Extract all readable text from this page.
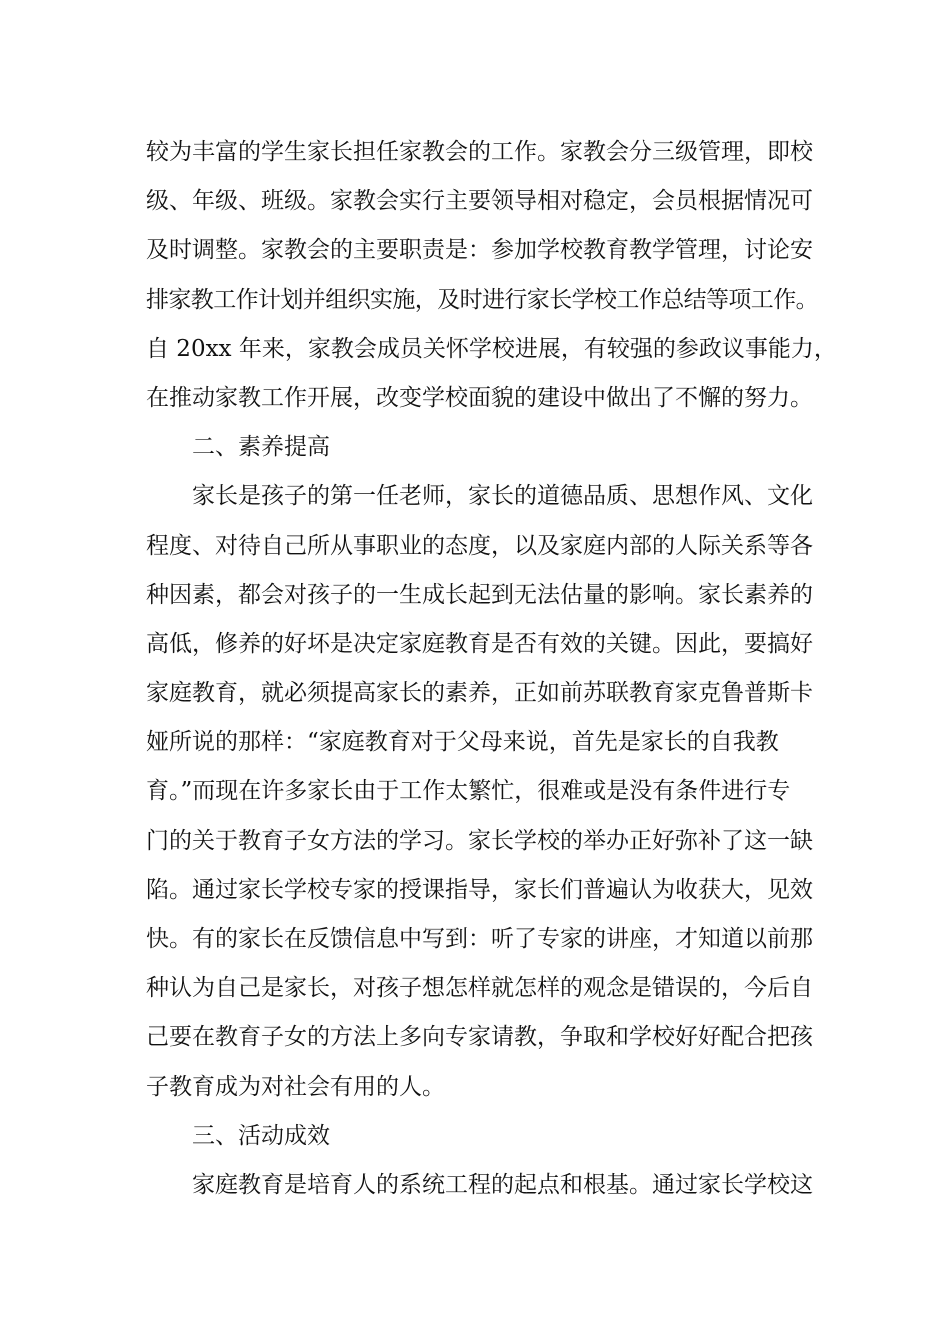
较为丰富的学生家长担任家教会的工作。家教会分三级管理，即校
级、年级、班级。家教会实行主要领导相对稳定，会员根据情况可
及时调整。家教会的主要职责是：参加学校教育教学管理，讨论安
排家教工作计划并组织实施，及时进行家长学校工作总结等项工作。
自 20xx 年来，家教会成员关怀学校进展，有较强的参政议事能力，
在推动家教工作开展，改变学校面貌的建设中做出了不懈的努力。
二、素养提高
家长是孩子的第一任老师，家长的道德品质、思想作风、文化
程度、对待自己所从事职业的态度，以及家庭内部的人际关系等各
种因素，都会对孩子的一生成长起到无法估量的影响。家长素养的
高低，修养的好坏是决定家庭教育是否有效的关键。因此，要搞好
家庭教育，就必须提高家长的素养，正如前苏联教育家克鲁普斯卡
娅所说的那样：“家庭教育对于父母来说，首先是家长的自我教
育。”而现在许多家长由于工作太繁忙，很难或是没有条件进行专
门的关于教育子女方法的学习。家长学校的举办正好弥补了这一缺
陷。通过家长学校专家的授课指导，家长们普遍认为收获大，见效
快。有的家长在反馈信息中写到：听了专家的讲座，才知道以前那
种认为自己是家长，对孩子想怎样就怎样的观念是错误的，今后自
己要在教育子女的方法上多向专家请教，争取和学校好好配合把孩
子教育成为对社会有用的人。
三、活动成效
家庭教育是培育人的系统工程的起点和根基。通过家长学校这
